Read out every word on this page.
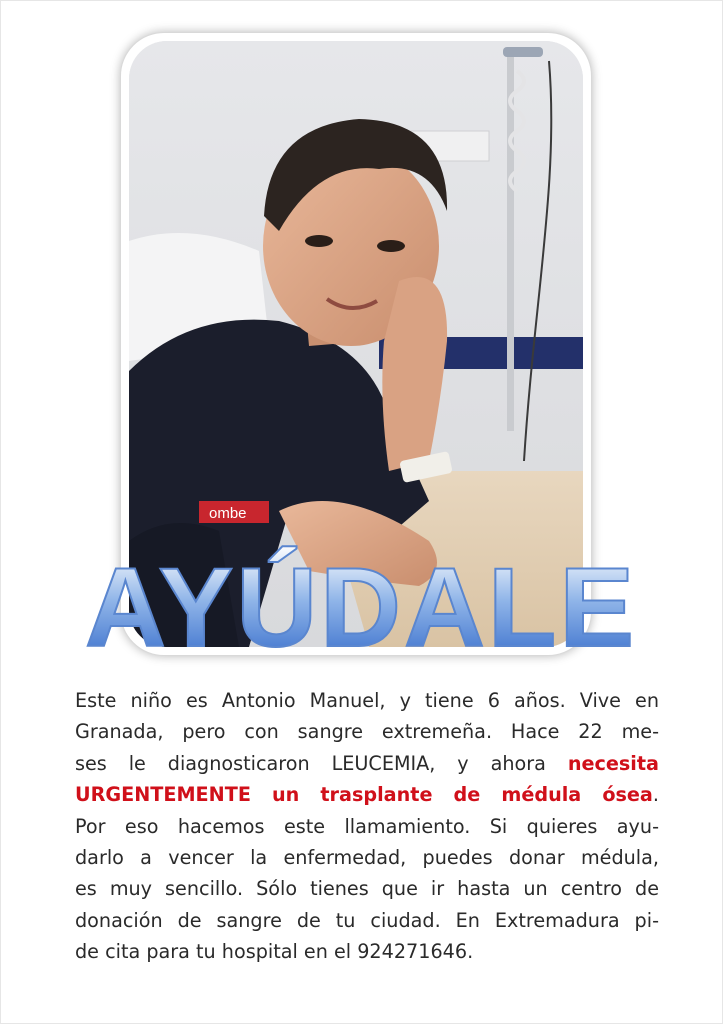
ombe
AYÚDALE
Este niño es Antonio Manuel, y tiene 6 años. Vive en
Granada, pero con sangre extremeña. Hace 22 me-
ses le diagnosticaron LEUCEMIA, y ahora necesita
URGENTEMENTE un trasplante de médula ósea.
Por eso hacemos este llamamiento. Si quieres ayu-
darlo a vencer la enfermedad, puedes donar médula,
es muy sencillo. Sólo tienes que ir hasta un centro de
donación de sangre de tu ciudad. En Extremadura pi-
de cita para tu hospital en el 924271646.
